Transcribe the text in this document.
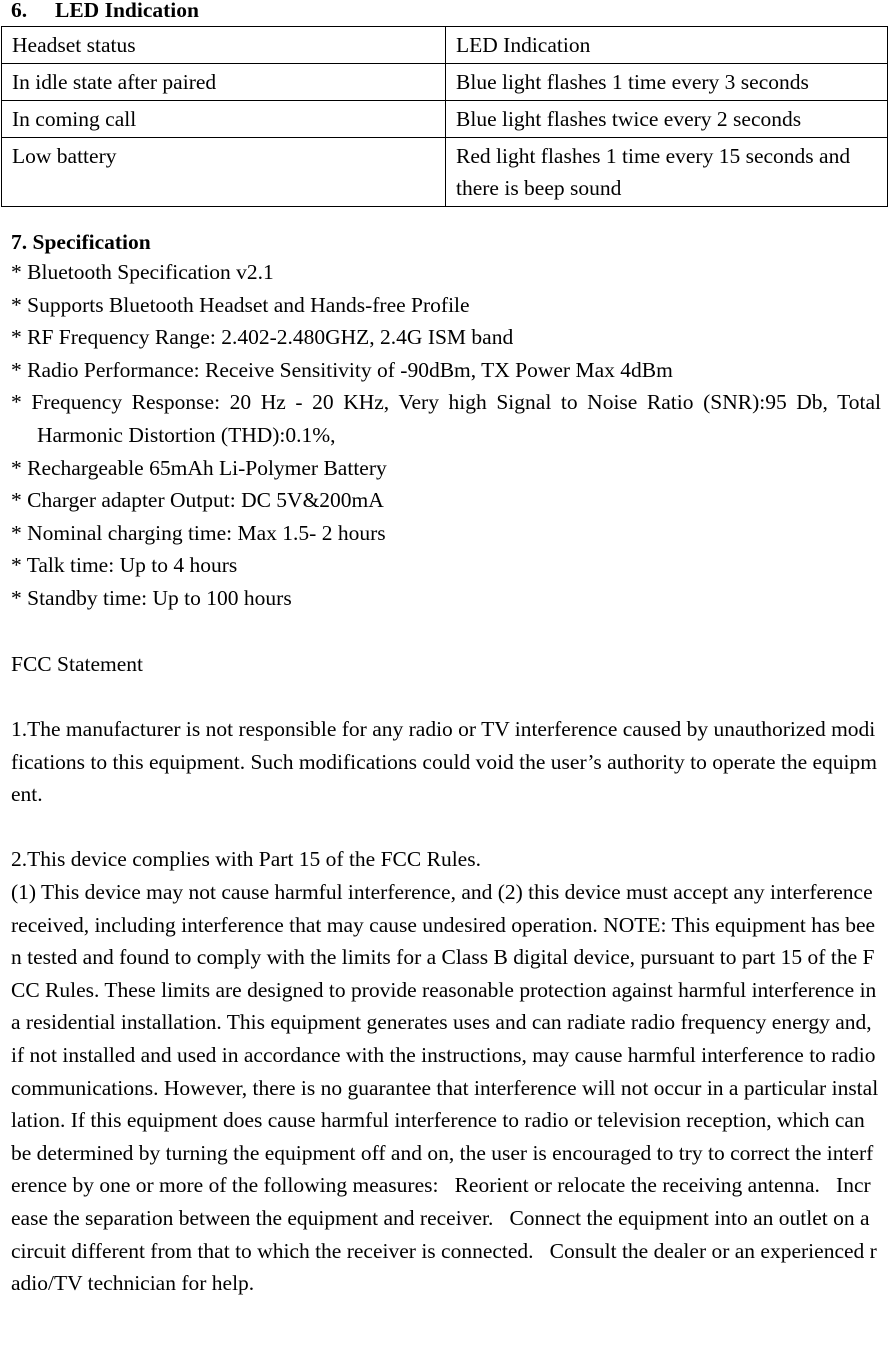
6. LED Indication
Headset status	LED Indication
In idle state after paired	Blue light flashes 1 time every 3 seconds
In coming call	Blue light flashes twice every 2 seconds
Low battery	Red light flashes 1 time every 15 seconds and there is beep sound
7. Specification
* Bluetooth Specification v2.1
* Supports Bluetooth Headset and Hands-free Profile
* RF Frequency Range: 2.402-2.480GHZ, 2.4G ISM band
* Radio Performance: Receive Sensitivity of -90dBm, TX Power Max 4dBm
* Frequency Response: 20 Hz - 20 KHz, Very high Signal to Noise Ratio (SNR):95 Db, Total Harmonic Distortion (THD):0.1%,
* Rechargeable 65mAh Li-Polymer Battery
* Charger adapter Output: DC 5V&200mA
* Nominal charging time: Max 1.5- 2 hours
* Talk time: Up to 4 hours
* Standby time: Up to 100 hours
FCC Statement
1.The manufacturer is not responsible for any radio or TV interference caused by unauthorized modifications to this equipment. Such modifications could void the user’s authority to operate the equipment.
2.This device complies with Part 15 of the FCC Rules.
(1) This device may not cause harmful interference, and (2) this device must accept any interference received, including interference that may cause undesired operation. NOTE: This equipment has been tested and found to comply with the limits for a Class B digital device, pursuant to part 15 of the FCC Rules. These limits are designed to provide reasonable protection against harmful interference in a residential installation. This equipment generates uses and can radiate radio frequency energy and, if not installed and used in accordance with the instructions, may cause harmful interference to radio communications. However, there is no guarantee that interference will not occur in a particular installation. If this equipment does cause harmful interference to radio or television reception, which can be determined by turning the equipment off and on, the user is encouraged to try to correct the interference by one or more of the following measures:   Reorient or relocate the receiving antenna.   Increase the separation between the equipment and receiver.   Connect the equipment into an outlet on a circuit different from that to which the receiver is connected.   Consult the dealer or an experienced radio/TV technician for help.
